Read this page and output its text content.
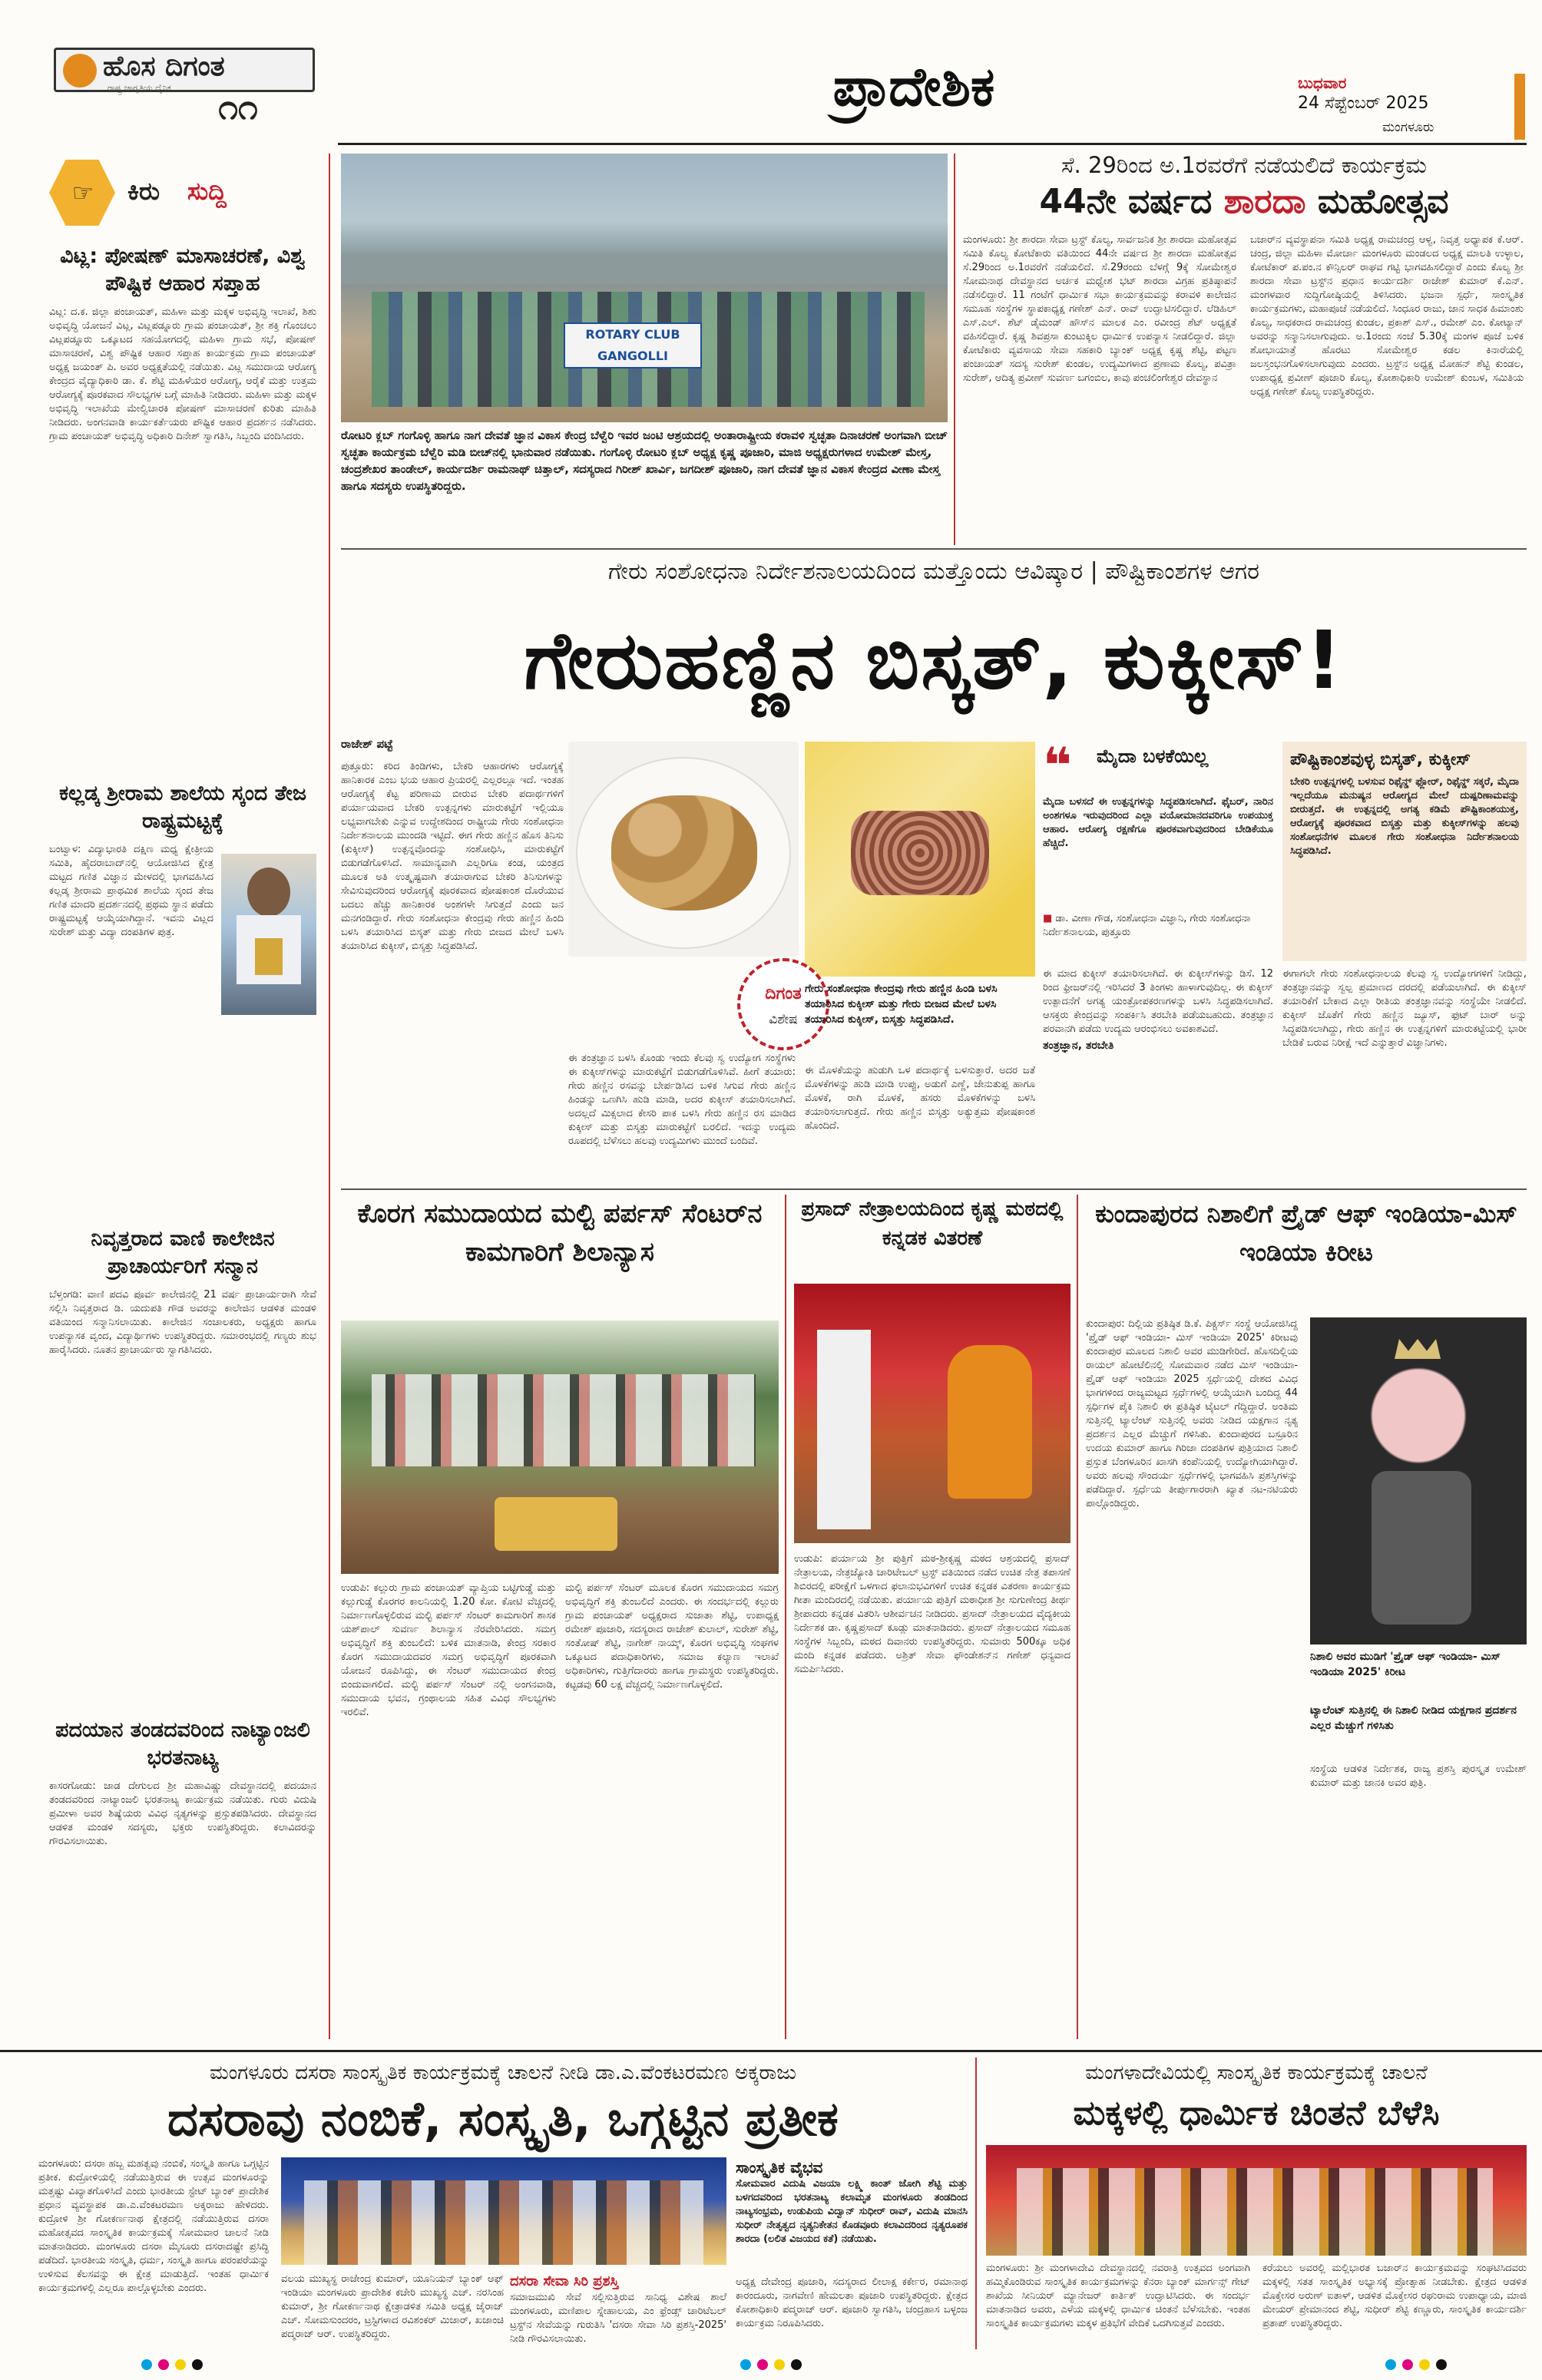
ಹೊಸ ದಿಗಂತ
ರಾಷ್ಟ್ರ ಜಾಗೃತಿಯ ದೈನಿಕ	೧೧	ಪ್ರಾದೇಶಿಕ	ಬುಧವಾರ
24 ಸೆಪ್ಟೆಂಬರ್ 2025
ಮಂಗಳೂರು
☞ ಕಿರು	ಸುದ್ದಿ
ವಿಟ್ಲ: ಪೋಷಣ್ ಮಾಸಾಚರಣೆ, ವಿಶ್ವ ಪೌಷ್ಟಿಕ ಆಹಾರ ಸಪ್ತಾಹ

ವಿಟ್ಲ: ದ.ಕ. ಜಿಲ್ಲಾ ಪಂಚಾಯತ್, ಮಹಿಳಾ ಮತ್ತು ಮಕ್ಕಳ ಅಭಿವೃದ್ಧಿ ಇಲಾಖೆ, ಶಿಶು ಅಭಿವೃದ್ಧಿ ಯೋಜನೆ ವಿಟ್ಲ, ವಿಟ್ಲಪಡ್ನೂರು ಗ್ರಾಮ ಪಂಚಾಯತ್, ಶ್ರೀ ಶಕ್ತಿ ಗೊಂಚಲು ವಿಟ್ಲಪಡ್ನೂರು ಒಕ್ಕೂಟದ ಸಹಯೋಗದಲ್ಲಿ ಮಹಿಳಾ ಗ್ರಾಮ ಸಭೆ, ಪೋಷಣ್ ಮಾಸಾಚರಣೆ, ವಿಶ್ವ ಪೌಷ್ಟಿಕ ಆಹಾರ ಸಪ್ತಾಹ ಕಾರ್ಯಕ್ರಮ ಗ್ರಾಮ ಪಂಚಾಯತ್ ಅಧ್ಯಕ್ಷ ಜಯಂತ್ ಪಿ. ಅವರ ಅಧ್ಯಕ್ಷತೆಯಲ್ಲಿ ನಡೆಯಿತು. ವಿಟ್ಲ ಸಮುದಾಯ ಆರೋಗ್ಯ ಕೇಂದ್ರದ ವೈದ್ಯಾಧಿಕಾರಿ ಡಾ. ಕೆ. ಶೆಟ್ಟಿ ಮಹಿಳೆಯರ ಆರೋಗ್ಯ, ಆರೈಕೆ ಮತ್ತು ಉತ್ತಮ ಆರೋಗ್ಯಕ್ಕೆ ಪೂರಕವಾದ ಸೌಲಭ್ಯಗಳ ಬಗ್ಗೆ ಮಾಹಿತಿ ನೀಡಿದರು. ಮಹಿಳಾ ಮತ್ತು ಮಕ್ಕಳ ಅಭಿವೃದ್ಧಿ ಇಲಾಖೆಯ ಮೇಲ್ವಿಚಾರಕಿ ಪೋಷಣ್ ಮಾಸಾಚರಣೆ ಕುರಿತು ಮಾಹಿತಿ ನೀಡಿದರು. ಅಂಗನವಾಡಿ ಕಾರ್ಯಕರ್ತೆಯರು ಪೌಷ್ಟಿಕ ಆಹಾರ ಪ್ರದರ್ಶನ ನಡೆಸಿದರು. ಗ್ರಾಮ ಪಂಚಾಯತ್ ಅಭಿವೃದ್ಧಿ ಅಧಿಕಾರಿ ದಿನೇಶ್ ಸ್ವಾಗತಿಸಿ, ಸಿಬ್ಬಂದಿ ವಂದಿಸಿದರು.

ಕಲ್ಲಡ್ಕ ಶ್ರೀರಾಮ ಶಾಲೆಯ ಸ್ಕಂದ ತೇಜ ರಾಷ್ಟ್ರಮಟ್ಟಕ್ಕೆ

ಬಂಟ್ವಾಳ: ವಿದ್ಯಾಭಾರತಿ ದಕ್ಷಿಣ ಮಧ್ಯ ಕ್ಷೇತ್ರೀಯ ಸಮಿತಿ, ಹೈದರಾಬಾದ್‌ನಲ್ಲಿ ಆಯೋಜಿಸಿದ ಕ್ಷೇತ್ರ ಮಟ್ಟದ ಗಣಿತ ವಿಜ್ಞಾನ ಮೇಳದಲ್ಲಿ ಭಾಗವಹಿಸಿದ ಕಲ್ಲಡ್ಕ ಶ್ರೀರಾಮ ಪ್ರಾಥಮಿಕ ಶಾಲೆಯ ಸ್ಕಂದ ತೇಜ ಗಣಿತ ಮಾದರಿ ಪ್ರದರ್ಶನದಲ್ಲಿ ಪ್ರಥಮ ಸ್ಥಾನ ಪಡೆದು ರಾಷ್ಟ್ರಮಟ್ಟಕ್ಕೆ ಆಯ್ಕೆಯಾಗಿದ್ದಾನೆ. ಇವನು ವಿಟ್ಲದ ಸುರೇಶ್ ಮತ್ತು ವಿದ್ಯಾ ದಂಪತಿಗಳ ಪುತ್ರ.

ನಿವೃತ್ತರಾದ ವಾಣಿ ಕಾಲೇಜಿನ ಪ್ರಾಚಾರ್ಯರಿಗೆ ಸನ್ಮಾನ

ಬೆಳ್ತಂಗಡಿ: ವಾಣಿ ಪದವಿ ಪೂರ್ವ ಕಾಲೇಜಿನಲ್ಲಿ 21 ವರ್ಷ ಪ್ರಾಚಾರ್ಯರಾಗಿ ಸೇವೆ ಸಲ್ಲಿಸಿ ನಿವೃತ್ತರಾದ ಡಿ. ಯದುಪತಿ ಗೌಡ ಅವರನ್ನು ಕಾಲೇಜಿನ ಆಡಳಿತ ಮಂಡಳಿ ವತಿಯಿಂದ ಸನ್ಮಾನಿಸಲಾಯಿತು. ಕಾಲೇಜಿನ ಸಂಚಾಲಕರು, ಅಧ್ಯಕ್ಷರು ಹಾಗೂ ಉಪನ್ಯಾಸಕ ವೃಂದ, ವಿದ್ಯಾರ್ಥಿಗಳು ಉಪಸ್ಥಿತರಿದ್ದರು. ಸಮಾರಂಭದಲ್ಲಿ ಗಣ್ಯರು ಶುಭ ಹಾರೈಸಿದರು. ನೂತನ ಪ್ರಾಚಾರ್ಯರು ಸ್ವಾಗತಿಸಿದರು.

ಪದಯಾನ ತಂಡದವರಿಂದ ನಾಟ್ಯಾಂಜಲಿ ಭರತನಾಟ್ಯ

ಕಾಸರಗೋಡು: ಜಾಡ ದೇಗುಲದ ಶ್ರೀ ಮಹಾವಿಷ್ಣು ದೇವಸ್ಥಾನದಲ್ಲಿ ಪದಯಾನ ತಂಡದವರಿಂದ ನಾಟ್ಯಾಂಜಲಿ ಭರತನಾಟ್ಯ ಕಾರ್ಯಕ್ರಮ ನಡೆಯಿತು. ಗುರು ವಿದುಷಿ ಪ್ರಮೀಳಾ ಅವರ ಶಿಷ್ಯೆಯರು ವಿವಿಧ ನೃತ್ಯಗಳನ್ನು ಪ್ರಸ್ತುತಪಡಿಸಿದರು. ದೇವಸ್ಥಾನದ ಆಡಳಿತ ಮಂಡಳಿ ಸದಸ್ಯರು, ಭಕ್ತರು ಉಪಸ್ಥಿತರಿದ್ದರು. ಕಲಾವಿದರನ್ನು ಗೌರವಿಸಲಾಯಿತು.

ROTARY CLUB GANGOLLI

ರೋಟರಿ ಕ್ಲಬ್ ಗಂಗೊಳ್ಳಿ ಹಾಗೂ ನಾಗ ದೇವತೆ ಜ್ಞಾನ ವಿಕಾಸ ಕೇಂದ್ರ ಬೆಳ್ವೆರಿ ಇವರ ಜಂಟಿ ಆಶ್ರಯದಲ್ಲಿ ಅಂತಾರಾಷ್ಟ್ರೀಯ ಕರಾವಳಿ ಸ್ವಚ್ಛತಾ ದಿನಾಚರಣೆ ಅಂಗವಾಗಿ ಬೀಚ್ ಸ್ವಚ್ಛತಾ ಕಾರ್ಯಕ್ರಮ ಬೆಳ್ವೆರಿ ಮಡಿ ಬೀಚ್‌ನಲ್ಲಿ ಭಾನುವಾರ ನಡೆಯಿತು. ಗಂಗೊಳ್ಳಿ ರೋಟರಿ ಕ್ಲಬ್ ಅಧ್ಯಕ್ಷ ಕೃಷ್ಣ ಪೂಜಾರಿ, ಮಾಜಿ ಅಧ್ಯಕ್ಷರುಗಳಾದ ಉಮೇಶ್ ಮೇಸ್ತ, ಚಂದ್ರಶೇಖರ ತಾಂಡೇಲ್, ಕಾರ್ಯದರ್ಶಿ ರಾಮನಾಥ್ ಚಿತ್ತಾಲ್, ಸದಸ್ಯರಾದ ಗಿರೀಶ್ ಖಾರ್ವಿ, ಜಗದೀಶ್ ಪೂಜಾರಿ, ನಾಗ ದೇವತೆ ಜ್ಞಾನ ವಿಕಾಸ ಕೇಂದ್ರದ ವೀಣಾ ಮೇಸ್ತ ಹಾಗೂ ಸದಸ್ಯರು ಉಪಸ್ಥಿತರಿದ್ದರು.

ಸೆ. 29ರಿಂದ ಅ.1ರವರೆಗೆ ನಡೆಯಲಿದೆ ಕಾರ್ಯಕ್ರಮ
44ನೇ ವರ್ಷದ ಶಾರದಾ ಮಹೋತ್ಸವ

ಮಂಗಳೂರು: ಶ್ರೀ ಶಾರದಾ ಸೇವಾ ಟ್ರಸ್ಟ್ ಕೊಲ್ಯ, ಸಾರ್ವಜನಿಕ ಶ್ರೀ ಶಾರದಾ ಮಹೋತ್ಸವ ಸಮಿತಿ ಕೊಲ್ಯ ಕೋಟೆಕಾರು ವತಿಯಿಂದ 44ನೇ ವರ್ಷದ ಶ್ರೀ ಶಾರದಾ ಮಹೋತ್ಸವ ಸೆ.29ರಿಂದ ಅ.1ರವರೆಗೆ ನಡೆಯಲಿದೆ. ಸೆ.29ರಂದು ಬೆಳಗ್ಗೆ 9ಕ್ಕೆ ಸೋಮೇಶ್ವರ ಸೋಮನಾಥ ದೇವಸ್ಥಾನದ ಅರ್ಚಕ ಮಧ್ವೇಶ ಭಟ್ ಶಾರದಾ ವಿಗ್ರಹ ಪ್ರತಿಷ್ಠಾಪನೆ ನಡೆಸಲಿದ್ದಾರೆ. 11 ಗಂಟೆಗೆ ಧಾರ್ಮಿಕ ಸಭಾ ಕಾರ್ಯಕ್ರಮವನ್ನು ಕರಾವಳಿ ಕಾಲೇಜಿನ ಸಮೂಹ ಸಂಸ್ಥೆಗಳ ಸ್ಥಾಪಕಾಧ್ಯಕ್ಷ ಗಣೇಶ್ ಎನ್. ರಾವ್ ಉದ್ಘಾಟಿಸಲಿದ್ದಾರೆ. ಲೆಡಿಹಿಲ್ ಎಸ್.ಎಲ್. ಶೆಟ್ ಡೈಮಂಡ್ ಹೌಸ್‌ನ ಮಾಲಕ ಎಂ. ರವೀಂದ್ರ ಶೆಟ್ ಅಧ್ಯಕ್ಷತೆ ವಹಿಸಲಿದ್ದಾರೆ. ಕೃಷ್ಣ ಶಿವಪ್ರಸಾ ಕುಂಟುಕ್ಕಿಲ ಧಾರ್ಮಿಕ ಉಪನ್ಯಾಸ ನೀಡಲಿದ್ದಾರೆ. ಜಿಲ್ಲಾ ಕೋಟೆಕಾರು ವ್ಯವಸಾಯ ಸೇವಾ ಸಹಕಾರಿ ಬ್ಯಾಂಕ್ ಅಧ್ಯಕ್ಷ ಕೃಷ್ಣ ಶೆಟ್ಟಿ, ಪಟ್ಟಣ ಪಂಚಾಯತ್ ಸದಸ್ಯ ಸುರೇಶ್ ಕುಂಡಲ, ಉದ್ಯಮಿಗಳಾದ ಪ್ರಣಾಮ ಕೊಲ್ಯ, ಪವಿತ್ರಾ ಸುರೇಶ್, ಆದಿತ್ಯ ಪ್ರವೀಣ್ ಸುವರ್ಣ ಬಗಂಬಿಲ, ಕಾವು ಪಂಚಲಿಂಗೇಶ್ವರ ದೇವಸ್ಥಾನ

ಬಜಾರ್‌ನ ವ್ಯವಸ್ಥಾಪನಾ ಸಮಿತಿ ಅಧ್ಯಕ್ಷ ರಾಮಚಂದ್ರ ಆಳ್ವ, ನಿವೃತ್ತ ಅಧ್ಯಾಪಕ ಕೆ.ಆರ್. ಚಂದ್ರ, ಜಿಲ್ಲಾ ಮಹಿಳಾ ಮೋರ್ಚಾ ಮಂಗಳೂರು ಮಂಡಲದ ಅಧ್ಯಕ್ಷ ಮಾಲತಿ ಉಳ್ಳಾಲ, ಕೋಟೆಕಾರ್ ಪ.ಪಂ.ನ ಕೌನ್ಸಿಲರ್ ರಾಘವ ಗಟ್ಟಿ ಭಾಗವಹಿಸಲಿದ್ದಾರೆ ಎಂದು ಕೊಲ್ಯ ಶ್ರೀ ಶಾರದಾ ಸೇವಾ ಟ್ರಸ್ಟ್‌ನ ಪ್ರಧಾನ ಕಾರ್ಯದರ್ಶಿ ರಾಜೇಶ್ ಕುಮಾರ್ ಕೆ.ಎನ್. ಮಂಗಳವಾರ ಸುದ್ದಿಗೋಷ್ಠಿಯಲ್ಲಿ ತಿಳಿಸಿದರು. ಭಜನಾ ಸ್ಪರ್ಧೆ, ಸಾಂಸ್ಕೃತಿಕ ಕಾರ್ಯಕ್ರಮಗಳು, ಮಹಾಪೂಜೆ ನಡೆಯಲಿದೆ. ಸಿಂಧೂರ ರಾಜು, ಜಾನ ಸಾಧಕ ಹಿಮಾಂಶು ಕೊಲ್ಯ, ಸಾಧಕರಾದ ರಾಮಚಂದ್ರ ಕುಂಡಲ, ಪ್ರಕಾಶ್ ಎಸ್., ರಮೇಶ್ ಎಂ. ಕೋಟ್ಯಾನ್ ಅವರನ್ನು ಸನ್ಮಾನಿಸಲಾಗುವುದು. ಅ.1ರಂದು ಸಂಜೆ 5.30ಕ್ಕೆ ಮಂಗಳ ಪೂಜೆ ಬಳಿಕ ಶೋಭಾಯಾತ್ರೆ ಹೊರಟು ಸೋಮೇಶ್ವರ ಕಡಲ ಕಿನಾರೆಯಲ್ಲಿ ಜಲಸ್ತಂಭನಗೊಳಿಸಲಾಗುವುದು ಎಂದರು. ಟ್ರಸ್ಟ್‌ನ ಅಧ್ಯಕ್ಷ ಮೋಹನ್ ಶೆಟ್ಟಿ ಕುಂಡಲ, ಉಪಾಧ್ಯಕ್ಷ ಪ್ರವೀಣ್ ಪೂಜಾರಿ ಕೊಲ್ಯ, ಕೋಶಾಧಿಕಾರಿ ಉಮೇಶ್ ಕುಂಬಳ, ಸಮಿತಿಯ ಅಧ್ಯಕ್ಷ ಗಣೇಶ್ ಕೊಲ್ಯ ಉಪಸ್ಥಿತರಿದ್ದರು.

ಗೇರು ಸಂಶೋಧನಾ ನಿರ್ದೇಶನಾಲಯದಿಂದ ಮತ್ತೊಂದು ಆವಿಷ್ಕಾರ | ಪೌಷ್ಟಿಕಾಂಶಗಳ ಆಗರ
ಗೇರುಹಣ್ಣಿನ ಬಿಸ್ಕತ್, ಕುಕ್ಕೀಸ್!
ರಾಜೇಶ್ ಪಟ್ಟೆ
ದಿಗಂತ
ವಿಶೇಷ

ಪುತ್ತೂರು: ಕರಿದ ತಿಂಡಿಗಳು, ಬೇಕರಿ ಆಹಾರಗಳು ಆರೋಗ್ಯಕ್ಕೆ ಹಾನಿಕಾರಕ ಎಂಬ ಭಯ ಆಹಾರ ಪ್ರಿಯರಲ್ಲಿ ಎಲ್ಲರಲ್ಲೂ ಇದೆ. ಇಂತಹ ಆರೋಗ್ಯಕ್ಕೆ ಕೆಟ್ಟ ಪರಿಣಾಮ ಬೀರುವ ಬೇಕರಿ ಪದಾರ್ಥಗಳಿಗೆ ಪರ್ಯಾಯವಾದ ಬೇಕರಿ ಉತ್ಪನ್ನಗಳು ಮಾರುಕಟ್ಟೆಗೆ ಇಲ್ಲಿಯೂ ಲಭ್ಯವಾಗಬೇಕು ಎನ್ನುವ ಉದ್ದೇಶದಿಂದ ರಾಷ್ಟ್ರೀಯ ಗೇರು ಸಂಶೋಧನಾ ನಿರ್ದೇಶನಾಲಯ ಮುಂದಡಿ ಇಟ್ಟಿದೆ. ಈಗ ಗೇರು ಹಣ್ಣಿನ ಹೊಸ ತಿನಿಸು (ಕುಕ್ಕೀಸ್) ಉತ್ಪನ್ನವೊಂದನ್ನು ಸಂಶೋಧಿಸಿ, ಮಾರುಕಟ್ಟೆಗೆ ಬಿಡುಗಡೆಗೊಳಿಸಿದೆ. ಸಾಮಾನ್ಯವಾಗಿ ಎಲ್ಲರಿಗೂ ಕಂಡ, ಯಂತ್ರದ ಮೂಲಕ ಅತಿ ಉತ್ಕೃಷ್ಟವಾಗಿ ತಯಾರಾಗುವ ಬೇಕರಿ ತಿನಿಸುಗಳನ್ನು ಸೇವಿಸುವುದರಿಂದ ಆರೋಗ್ಯಕ್ಕೆ ಪೂರಕವಾದ ಪೋಷಕಾಂಶ ದೊರೆಯುವ ಬದಲು ಹೆಚ್ಚು ಹಾನಿಕಾರಕ ಅಂಶಗಳೇ ಸಿಗುತ್ತದೆ ಎಂದು ಜನ ಮನಗಂಡಿದ್ದಾರೆ. ಗೇರು ಸಂಶೋಧನಾ ಕೇಂದ್ರವು ಗೇರು ಹಣ್ಣಿನ ಹಿಂದಿ ಬಳಸಿ ತಯಾರಿಸಿದ ಬಿಸ್ಕತ್ ಮತ್ತು ಗೇರು ಬೀಜದ ಮೇಲೆ ಬಳಸಿ ತಯಾರಿಸಿದ ಕುಕ್ಕೀಸ್, ಬಿಸ್ಕತ್ತು ಸಿದ್ಧಪಡಿಸಿದೆ.

ಈ ತಂತ್ರಜ್ಞಾನ ಬಳಸಿ ಕೊಂಡು ಇಂದು ಕೆಲವು ಸ್ವ ಉದ್ಯೋಗ ಸಂಸ್ಥೆಗಳು ಈ ಕುಕ್ಕೀಸ್‌ಗಳನ್ನು ಮಾರುಕಟ್ಟೆಗೆ ಬಿಡುಗಡೆಗೊಳಿಸಿವೆ. ಹೀಗೆ ತಯಾರು: ಗೇರು ಹಣ್ಣಿನ ರಸವನ್ನು ಬೇರ್ಪಡಿಸಿದ ಬಳಿಕ ಸಿಗುವ ಗೇರು ಹಣ್ಣಿನ ಹಿಂಡನ್ನು ಒಣಗಿಸಿ ಹುಡಿ ಮಾಡಿ, ಅದರ ಕುಕ್ಕೀಸ್ ತಯಾರಿಸಲಾಗಿದೆ. ಅದಲ್ಲದೆ ಮಿಕ್ಸಲಾದ ಕೇಸರಿ ಪಾಕ ಬಳಸಿ ಗೇರು ಹಣ್ಣಿನ ರಸ ಮಾಡಿದ ಕುಕ್ಕೀಸ್ ಮತ್ತು ಬಿಸ್ಕತ್ತು ಮಾರುಕಟ್ಟೆಗೆ ಬರಲಿದೆ. ಇದನ್ನು ಉದ್ಯಮ ರೂಪದಲ್ಲಿ ಬೆಳೆಸಲು ಹಲವು ಉದ್ಯಮಿಗಳು ಮುಂದೆ ಬಂದಿವೆ.

ಗೇರು ಸಂಶೋಧನಾ ಕೇಂದ್ರವು ಗೇರು ಹಣ್ಣಿನ ಹಿಂಡಿ ಬಳಸಿ ತಯಾರಿಸಿದ ಕುಕ್ಕೀಸ್ ಮತ್ತು ಗೇರು ಬೀಜದ ಮೇಲೆ ಬಳಸಿ ತಯಾರಿಸಿದ ಕುಕ್ಕೀಸ್, ಬಿಸ್ಕತ್ತು ಸಿದ್ಧಪಡಿಸಿದೆ.

ಈ ಮೊಳಕೆಯನ್ನು ಹುಡುಗಿ ಒಳ ಪದಾರ್ಥಕ್ಕೆ ಬಳಸುತ್ತಾರೆ. ಅದರ ಜತೆ ಮೊಳಕೆಗಳನ್ನು ಹುಡಿ ಮಾಡಿ ಉಪ್ಪು, ಅಡುಗೆ ಎಣ್ಣೆ, ಜೇನುತುಪ್ಪ ಹಾಗೂ ಮೊಳಕೆ, ರಾಗಿ ಮೊಳಕೆ, ಹಸರು ಮೊಳಕೆಗಳನ್ನು ಬಳಸಿ ತಯಾರಿಸಲಾಗುತ್ತದೆ. ಗೇರು ಹಣ್ಣಿನ ಬಿಸ್ಕತ್ತು ಅತ್ಯುತ್ತಮ ಪೋಷಕಾಂಶ ಹೊಂದಿದೆ.

❝	ಮೈದಾ ಬಳಕೆಯಿಲ್ಲ

ಮೈದಾ ಬಳಸದೆ ಈ ಉತ್ಪನ್ನಗಳನ್ನು ಸಿದ್ಧಪಡಿಸಲಾಗಿದೆ. ಫೈಬರ್, ನಾರಿನ ಅಂಶಗಳೂ ಇರುವುದರಿಂದ ಎಲ್ಲಾ ವಯೋಮಾನದವರಿಗೂ ಉಪಯುಕ್ತ ಆಹಾರ. ಆರೋಗ್ಯ ರಕ್ಷಣೆಗೂ ಪೂರಕವಾಗುವುದರಿಂದ ಬೇಡಿಕೆಯೂ ಹೆಚ್ಚಿದೆ.

■ ಡಾ. ವೀಣಾ ಗೌಡ, ಸಂಶೋಧನಾ ವಿಜ್ಞಾನಿ, ಗೇರು ಸಂಶೋಧನಾ ನಿರ್ದೇಶನಾಲಯ, ಪುತ್ತೂರು
ಪೌಷ್ಟಿಕಾಂಶವುಳ್ಳ ಬಿಸ್ಕತ್, ಕುಕ್ಕೀಸ್

ಬೇಕರಿ ಉತ್ಪನ್ನಗಳಲ್ಲಿ ಬಳಸುವ ರಿಫೈನ್ಡ್ ಫ್ಲೋರ್, ರಿಫೈನ್ಡ್ ಸಕ್ಕರೆ, ಮೈದಾ ಇಲ್ಲದೆಯೂ ಮನುಷ್ಯನ ಆರೋಗ್ಯದ ಮೇಲೆ ದುಷ್ಪರಿಣಾಮವನ್ನು ಬೀರುತ್ತದೆ. ಈ ಉತ್ಪನ್ನದಲ್ಲಿ ಅಗತ್ಯ ಕಡಿಮೆ ಪೌಷ್ಟಿಕಾಂಶಯುಕ್ತ, ಆರೋಗ್ಯಕ್ಕೆ ಪೂರಕವಾದ ಬಿಸ್ಕತ್ತು ಮತ್ತು ಕುಕ್ಕೀಸ್‌ಗಳನ್ನು ಹಲವು ಸಂಶೋಧನೆಗಳ ಮೂಲಕ ಗೇರು ಸಂಶೋಧನಾ ನಿರ್ದೇಶನಾಲಯ ಸಿದ್ಧಪಡಿಸಿದೆ.

ಈ ಮಾದ ಕುಕ್ಕೀಸ್ ತಯಾರಿಸಲಾಗಿದೆ. ಈ ಕುಕ್ಕೀಸ್‌ಗಳನ್ನು ಡಿಸೆ. 12 ರಿಂದ ಫ್ರೀಜರ್‌ನಲ್ಲಿ ಇರಿಸಿದರೆ 3 ತಿಂಗಳು ಹಾಳಾಗುವುದಿಲ್ಲ. ಈ ಕುಕ್ಕೀಸ್ ಉತ್ಪಾದನೆಗೆ ಅಗತ್ಯ ಯಂತ್ರೋಪಕರಣಗಳನ್ನು ಬಳಸಿ ಸಿದ್ಧಪಡಿಸಲಾಗಿದೆ. ಆಸಕ್ತರು ಕೇಂದ್ರವನ್ನು ಸಂಪರ್ಕಿಸಿ ತರಬೇತಿ ಪಡೆಯಬಹುದು. ತಂತ್ರಜ್ಞಾನ ಪರವಾನಗಿ ಪಡೆದು ಉದ್ಯಮ ಆರಂಭಿಸಲು ಅವಕಾಶವಿದೆ.

ತಂತ್ರಜ್ಞಾನ, ತರಬೇತಿ

ಈಗಾಗಲೇ ಗೇರು ಸಂಶೋಧನಾಲಯ ಕೆಲವು ಸ್ವ ಉದ್ಯೋಗಗಳಿಗೆ ನೀಡಿದ್ದು, ತಂತ್ರಜ್ಞಾನವನ್ನು ಸ್ವಲ್ಪ ಪ್ರಮಾಣದ ದರದಲ್ಲಿ ಪಡೆಯಲಾಗಿದೆ. ಈ ಕುಕ್ಕೀಸ್ ತಯಾರಿಕೆಗೆ ಬೇಕಾದ ಎಲ್ಲಾ ರೀತಿಯ ತಂತ್ರಜ್ಞಾನವನ್ನು ಸಂಸ್ಥೆಯೇ ನೀಡಲಿದೆ. ಕುಕ್ಕೀಸ್ ಜೊತೆಗೆ ಗೇರು ಹಣ್ಣಿನ ಜ್ಯೂಸ್, ಫುಟ್ ಬಾರ್ ಅನ್ನು ಸಿದ್ಧಪಡಿಸಲಾಗಿದ್ದು, ಗೇರು ಹಣ್ಣಿನ ಈ ಉತ್ಪನ್ನಗಳಿಗೆ ಮಾರುಕಟ್ಟೆಯಲ್ಲಿ ಭಾರೀ ಬೇಡಿಕೆ ಬರುವ ನಿರೀಕ್ಷೆ ಇದೆ ಎನ್ನುತ್ತಾರೆ ವಿಜ್ಞಾನಿಗಳು.

ಕೊರಗ ಸಮುದಾಯದ ಮಲ್ಟಿ ಪರ್ಪಸ್ ಸೆಂಟರ್‌ನ ಕಾಮಗಾರಿಗೆ ಶಿಲಾನ್ಯಾಸ

ಉಡುಪಿ: ಕಲ್ಲುರು ಗ್ರಾಮ ಪಂಚಾಯತ್ ವ್ಯಾಪ್ತಿಯ ಬಟ್ಟಿಗುಡ್ಡೆ ಮತ್ತು ಕಲ್ಲುಗುಡ್ಡೆ ಕೊರಗರ ಕಾಲನಿಯಲ್ಲಿ 1.20 ಕೋ. ಕೋಟಿ ವೆಚ್ಚದಲ್ಲಿ ನಿರ್ಮಾಣಗೊಳ್ಳಲಿರುವ ಮಲ್ಟಿ ಪರ್ಪಸ್ ಸೆಂಟರ್ ಕಾಮಗಾರಿಗೆ ಶಾಸಕ ಯಶ್‌ಪಾಲ್ ಸುವರ್ಣ ಶಿಲಾನ್ಯಾಸ ನೆರವೇರಿಸಿದರು. ಸಮಗ್ರ ಅಭಿವೃದ್ಧಿಗೆ ಶಕ್ತಿ ತುಂಬಲಿದೆ: ಬಳಿಕ ಮಾತನಾಡಿ, ಕೇಂದ್ರ ಸರಕಾರ ಕೊರಗ ಸಮುದಾಯದವರ ಸಮಗ್ರ ಅಭಿವೃದ್ಧಿಗೆ ಪೂರಕವಾಗಿ ಯೋಜನೆ ರೂಪಿಸಿದ್ದು, ಈ ಸೆಂಟರ್ ಸಮುದಾಯದ ಕೇಂದ್ರ ಬಿಂದುವಾಗಲಿದೆ. ಮಲ್ಟಿ ಪರ್ಪಸ್ ಸೆಂಟರ್ ನಲ್ಲಿ ಅಂಗನವಾಡಿ, ಸಮುದಾಯ ಭವನ, ಗ್ರಂಥಾಲಯ ಸಹಿತ ವಿವಿಧ ಸೌಲಭ್ಯಗಳು ಇರಲಿವೆ.

ಮಲ್ಟಿ ಪರ್ಪಸ್ ಸೆಂಟರ್ ಮೂಲಕ ಕೊರಗ ಸಮುದಾಯದ ಸಮಗ್ರ ಅಭಿವೃದ್ಧಿಗೆ ಶಕ್ತಿ ತುಂಬಲಿದೆ ಎಂದರು. ಈ ಸಂದರ್ಭದಲ್ಲಿ ಕಲ್ಲುರು ಗ್ರಾಮ ಪಂಚಾಯತ್ ಅಧ್ಯಕ್ಷರಾದ ಸುಜಾತಾ ಶೆಟ್ಟಿ, ಉಪಾಧ್ಯಕ್ಷ ರಮೇಶ್ ಪೂಜಾರಿ, ಸದಸ್ಯರಾದ ರಾಜೇಶ್ ಕುಲಾಲ್, ಸುರೇಶ್ ಶೆಟ್ಟಿ, ಸಂತೋಷ್ ಶೆಟ್ಟಿ, ನಾಗೇಶ್ ನಾಯ್ಕ್, ಕೊರಗ ಅಭಿವೃದ್ಧಿ ಸಂಘಗಳ ಒಕ್ಕೂಟದ ಪದಾಧಿಕಾರಿಗಳು, ಸಮಾಜ ಕಲ್ಯಾಣ ಇಲಾಖೆ ಅಧಿಕಾರಿಗಳು, ಗುತ್ತಿಗೆದಾರರು ಹಾಗೂ ಗ್ರಾಮಸ್ಥರು ಉಪಸ್ಥಿತರಿದ್ದರು. ಕಟ್ಟಡವು 60 ಲಕ್ಷ ವೆಚ್ಚದಲ್ಲಿ ನಿರ್ಮಾಣಗೊಳ್ಳಲಿದೆ.

ಪ್ರಸಾದ್ ನೇತ್ರಾಲಯದಿಂದ ಕೃಷ್ಣ ಮಠದಲ್ಲಿ ಕನ್ನಡಕ ವಿತರಣೆ

ಉಡುಪಿ: ಪರ್ಯಾಯ ಶ್ರೀ ಪುತ್ತಿಗೆ ಮಠ-ಶ್ರೀಕೃಷ್ಣ ಮಠದ ಆಶ್ರಯದಲ್ಲಿ ಪ್ರಸಾದ್ ನೇತ್ರಾಲಯ, ನೇತ್ರಜ್ಯೋತಿ ಚಾರಿಟೇಬಲ್ ಟ್ರಸ್ಟ್ ವತಿಯಿಂದ ನಡೆದ ಉಚಿತ ನೇತ್ರ ತಪಾಸಣೆ ಶಿಬಿರದಲ್ಲಿ ಪರೀಕ್ಷೆಗೆ ಒಳಗಾದ ಫಲಾನುಭವಿಗಳಿಗೆ ಉಚಿತ ಕನ್ನಡಕ ವಿತರಣಾ ಕಾರ್ಯಕ್ರಮ ಗೀತಾ ಮಂದಿರದಲ್ಲಿ ನಡೆಯಿತು. ಪರ್ಯಾಯ ಪುತ್ತಿಗೆ ಮಠಾಧೀಶ ಶ್ರೀ ಸುಗುಣೇಂದ್ರ ತೀರ್ಥ ಶ್ರೀಪಾದರು ಕನ್ನಡಕ ವಿತರಿಸಿ ಆಶೀರ್ವಚನ ನೀಡಿದರು. ಪ್ರಸಾದ್ ನೇತ್ರಾಲಯದ ವೈದ್ಯಕೀಯ ನಿರ್ದೇಶಕ ಡಾ. ಕೃಷ್ಣಪ್ರಸಾದ್ ಕೂಡ್ಲು ಮಾತನಾಡಿದರು. ಪ್ರಸಾದ್ ನೇತ್ರಾಲಯದ ಸಮೂಹ ಸಂಸ್ಥೆಗಳ ಸಿಬ್ಬಂದಿ, ಮಠದ ದಿವಾನರು ಉಪಸ್ಥಿತರಿದ್ದರು. ಸುಮಾರು 500ಕ್ಕೂ ಅಧಿಕ ಮಂದಿ ಕನ್ನಡಕ ಪಡೆದರು. ಅಶ್ರಿತ್ ಸೇವಾ ಫೌಂಡೇಶನ್‌ನ ಗಣೇಶ್ ಧನ್ಯವಾದ ಸಮರ್ಪಿಸಿದರು.

ಕುಂದಾಪುರದ ನಿಶಾಲಿಗೆ ಪ್ರೈಡ್ ಆಫ್ ಇಂಡಿಯಾ-ಮಿಸ್ ಇಂಡಿಯಾ ಕಿರೀಟ

ಕುಂದಾಪುರ: ದಿಲ್ಲಿಯ ಪ್ರತಿಷ್ಠಿತ ಡಿ.ಕೆ. ಪಿಕ್ಚರ್ಸ್ ಸಂಸ್ಥೆ ಆಯೋಜಿಸಿದ್ದ 'ಪ್ರೈಡ್ ಆಫ್ ಇಂಡಿಯಾ- ಮಿಸ್ ಇಂಡಿಯಾ 2025' ಕಿರೀಟವು ಕುಂದಾಪುರ ಮೂಲದ ನಿಶಾಲಿ ಅವರ ಮುಡಿಗೇರಿದೆ. ಹೊಸದಿಲ್ಲಿಯ ರಾಯಲ್ ಹೋಟೆಲಿನಲ್ಲಿ ಸೋಮವಾರ ನಡೆದ ಮಿಸ್ ಇಂಡಿಯಾ-ಪ್ರೈಡ್ ಆಫ್ ಇಂಡಿಯಾ 2025 ಸ್ಪರ್ಧೆಯಲ್ಲಿ ದೇಶದ ವಿವಿಧ ಭಾಗಗಳಿಂದ ರಾಜ್ಯಮಟ್ಟದ ಸ್ಪರ್ಧೆಗಳಲ್ಲಿ ಆಯ್ಕೆಯಾಗಿ ಬಂದಿದ್ದ 44 ಸ್ಪರ್ಧಿಗಳ ಪೈಕಿ ನಿಶಾಲಿ ಈ ಪ್ರತಿಷ್ಠಿತ ಟೈಟಲ್ ಗೆದ್ದಿದ್ದಾರೆ. ಅಂತಿಮ ಸುತ್ತಿನಲ್ಲಿ ಟ್ಯಾಲೆಂಟ್ ಸುತ್ತಿನಲ್ಲಿ ಅವರು ನೀಡಿದ ಯಕ್ಷಗಾನ ನೃತ್ಯ ಪ್ರದರ್ಶನ ಎಲ್ಲರ ಮೆಚ್ಚುಗೆ ಗಳಿಸಿತು. ಕುಂದಾಪುರದ ಬಸ್ರೂರಿನ ಉದಯ ಕುಮಾರ್ ಹಾಗೂ ಗಿರಿಜಾ ದಂಪತಿಗಳ ಪುತ್ರಿಯಾದ ನಿಶಾಲಿ ಪ್ರಸ್ತುತ ಬೆಂಗಳೂರಿನ ಖಾಸಗಿ ಕಂಪೆನಿಯಲ್ಲಿ ಉದ್ಯೋಗಿಯಾಗಿದ್ದಾರೆ. ಅವರು ಹಲವು ಸೌಂದರ್ಯ ಸ್ಪರ್ಧೆಗಳಲ್ಲಿ ಭಾಗವಹಿಸಿ ಪ್ರಶಸ್ತಿಗಳನ್ನು ಪಡೆದಿದ್ದಾರೆ. ಸ್ಪರ್ಧೆಯ ತೀರ್ಪುಗಾರರಾಗಿ ಖ್ಯಾತ ನಟ-ನಟಿಯರು ಪಾಲ್ಗೊಂಡಿದ್ದರು.

ನಿಶಾಲಿ ಅವರ ಮುಡಿಗೆ 'ಪ್ರೈಡ್ ಆಫ್ ಇಂಡಿಯಾ- ಮಿಸ್ ಇಂಡಿಯಾ 2025' ಕಿರೀಟ

ಟ್ಯಾಲೆಂಟ್ ಸುತ್ತಿನಲ್ಲಿ ಈ ನಿಶಾಲಿ ನೀಡಿದ ಯಕ್ಷಗಾನ ಪ್ರದರ್ಶನ ಎಲ್ಲರ ಮೆಚ್ಚುಗೆ ಗಳಿಸಿತು

ಸಂಸ್ಥೆಯ ಆಡಳಿತ ನಿರ್ದೇಶಕ, ರಾಜ್ಯ ಪ್ರಶಸ್ತಿ ಪುರಸ್ಕೃತ ಉಮೇಶ್ ಕುಮಾರ್ ಮತ್ತು ಜಾನಕಿ ಅವರ ಪುತ್ರಿ.

ಮಂಗಳೂರು ದಸರಾ ಸಾಂಸ್ಕೃತಿಕ ಕಾರ್ಯಕ್ರಮಕ್ಕೆ ಚಾಲನೆ ನೀಡಿ ಡಾ.ಎ.ವೆಂಕಟರಮಣ ಅಕ್ಕರಾಜು
ದಸರಾವು ನಂಬಿಕೆ, ಸಂಸ್ಕೃತಿ, ಒಗ್ಗಟ್ಟಿನ ಪ್ರತೀಕ

ಮಂಗಳೂರು: ದಸರಾ ಹಬ್ಬ ಮಹತ್ವವು ನಂಬಿಕೆ, ಸಂಸ್ಕೃತಿ ಹಾಗೂ ಒಗ್ಗಟ್ಟಿನ ಪ್ರತೀಕ. ಕುದ್ರೋಳಿಯಲ್ಲಿ ನಡೆಯುತ್ತಿರುವ ಈ ಉತ್ಸವ ಮಂಗಳೂರನ್ನು ಮತ್ತಷ್ಟು ವಿಖ್ಯಾತಗೊಳಿಸಿದೆ ಎಂದು ಭಾರತೀಯ ಸ್ಟೇಟ್ ಬ್ಯಾಂಕ್ ಪ್ರಾದೇಶಿಕ ಪ್ರಧಾನ ವ್ಯವಸ್ಥಾಪಕ ಡಾ.ಎ.ವೆಂಕಟರಮಣ ಅಕ್ಕರಾಜು ಹೇಳಿದರು. ಕುದ್ರೋಳಿ ಶ್ರೀ ಗೋಕರ್ಣನಾಥ ಕ್ಷೇತ್ರದಲ್ಲಿ ನಡೆಯುತ್ತಿರುವ ದಸರಾ ಮಹೋತ್ಸವದ ಸಾಂಸ್ಕೃತಿಕ ಕಾರ್ಯಕ್ರಮಕ್ಕೆ ಸೋಮವಾರ ಚಾಲನೆ ನೀಡಿ ಮಾತನಾಡಿದರು. ಮಂಗಳೂರು ದಸರಾ ಮೈಸೂರು ದಸರಾದಷ್ಟೇ ಪ್ರಸಿದ್ಧಿ ಪಡೆದಿದೆ. ಭಾರತೀಯ ಸಂಸ್ಕೃತಿ, ಧರ್ಮ, ಸಂಸ್ಕೃತಿ ಹಾಗೂ ಪರಂಪರೆಯನ್ನು ಉಳಿಸುವ ಕೆಲಸವನ್ನು ಈ ಕ್ಷೇತ್ರ ಮಾಡುತ್ತಿದೆ. ಇಂತಹ ಧಾರ್ಮಿಕ ಕಾರ್ಯಕ್ರಮಗಳಲ್ಲಿ ಎಲ್ಲರೂ ಪಾಲ್ಗೊಳ್ಳಬೇಕು ಎಂದರು.

ವಲಯ ಮುಖ್ಯಸ್ಥ ರಾಜೇಂದ್ರ ಕುಮಾರ್, ಯೂನಿಯನ್ ಬ್ಯಾಂಕ್ ಆಫ್ ಇಂಡಿಯಾ ಮಂಗಳೂರು ಪ್ರಾದೇಶಿಕ ಕಚೇರಿ ಮುಖ್ಯಸ್ಥ ಎಚ್. ನರಸಿಂಹ ಕುಮಾರ್, ಶ್ರೀ ಗೋಕರ್ಣನಾಥ ಕ್ಷೇತ್ರಾಡಳಿತ ಸಮಿತಿ ಅಧ್ಯಕ್ಷ ಜೈರಾಜ್ ಎಚ್. ಸೋಮಸುಂದರಂ, ಟ್ರಸ್ಟಿಗಳಾದ ರವಿಶಂಕರ್ ಮಿಜಾರ್, ಖಜಾಂಚಿ ಪದ್ಮರಾಜ್ ಆರ್. ಉಪಸ್ಥಿತರಿದ್ದರು.

ದಸರಾ ಸೇವಾ ಸಿರಿ ಪ್ರಶಸ್ತಿ

ಸಮಾಜಮುಖಿ ಸೇವೆ ಸಲ್ಲಿಸುತ್ತಿರುವ ಸಾನಿಧ್ಯ ವಿಶೇಷ ಶಾಲೆ ಮಂಗಳೂರು, ಮಣಿಪಾಲ ಸ್ನೇಹಾಲಯ, ಎಂ ಫ್ರೆಂಡ್ಸ್ ಚಾರಿಟೆಬಲ್ ಟ್ರಸ್ಟ್‌ನ ಸೇವೆಯನ್ನು ಗುರುತಿಸಿ 'ದಸರಾ ಸೇವಾ ಸಿರಿ ಪ್ರಶಸ್ತಿ-2025' ನೀಡಿ ಗೌರವಿಸಲಾಯಿತು.

ಸಾಂಸ್ಕೃತಿಕ ವೈಭವ

ಸೋಮವಾರ ವಿದುಷಿ ವಿಜಯಾ ಲಕ್ಷ್ಮಿ ಕಾಂತ್ ಜೋಗಿ ಶೆಟ್ಟಿ ಮತ್ತು ಬಳಗದವರಿಂದ ಭರತನಾಟ್ಯ ಕಲಾಮೃತ ಮಂಗಳೂರು ತಂಡದಿಂದ ನಾಟ್ಯಸಂಭ್ರಮ, ಉಡುಪಿಯ ವಿದ್ವಾನ್ ಸುಧೀರ್ ರಾವ್, ವಿದುಷಿ ಮಾನಸಿ ಸುಧೀರ್ ನೇತೃತ್ವದ ನೃತ್ಯನಿಕೇತನ ಕೊಡವೂರು ಕಲಾವಿದರಿಂದ ನೃತ್ಯರೂಪಕ ಶಾರದಾ (ಲಲಿತ ವಿಜಯದ ಕತೆ) ನಡೆಯಿತು.

ಅಧ್ಯಕ್ಷ ದೇವೇಂದ್ರ ಪೂಜಾರಿ, ಸದಸ್ಯರಾದ ಲೀಲಾಕ್ಷ ಕರ್ಕೇರ, ರಮಾನಾಥ ಕಾರಂದೂರು, ನಾಗವೇಣಿ ಹೇಮಲತಾ ಪೂಜಾರಿ ಉಪಸ್ಥಿತರಿದ್ದರು. ಕ್ಷೇತ್ರದ ಕೋಶಾಧಿಕಾರಿ ಪದ್ಮರಾಜ್ ಆರ್. ಪೂಜಾರಿ ಸ್ವಾಗತಿಸಿ, ಚಂದ್ರಹಾಸ ಬಳ್ಳಂಜ ಕಾರ್ಯಕ್ರಮ ನಿರೂಪಿಸಿದರು.

ಮಂಗಳಾದೇವಿಯಲ್ಲಿ ಸಾಂಸ್ಕೃತಿಕ ಕಾರ್ಯಕ್ರಮಕ್ಕೆ ಚಾಲನೆ
ಮಕ್ಕಳಲ್ಲಿ ಧಾರ್ಮಿಕ ಚಿಂತನೆ ಬೆಳೆಸಿ

ಮಂಗಳೂರು: ಶ್ರೀ ಮಂಗಳಾದೇವಿ ದೇವಸ್ಥಾನದಲ್ಲಿ ನವರಾತ್ರಿ ಉತ್ಸವದ ಅಂಗವಾಗಿ ಹಮ್ಮಿಕೊಂಡಿರುವ ಸಾಂಸ್ಕೃತಿಕ ಕಾರ್ಯಕ್ರಮಗಳನ್ನು ಕೆನರಾ ಬ್ಯಾಂಕ್ ಮಾರ್ಗನ್ಸ್ ಗೇಟ್ ಶಾಖೆಯ ಸೀನಿಯರ್ ಮ್ಯಾನೇಜರ್ ಕಾರ್ತಿಕ್ ಉದ್ಘಾಟಿಸಿದರು. ಈ ಸಂದರ್ಭ ಮಾತನಾಡಿದ ಅವರು, ಎಳೆಯ ಮಕ್ಕಳಲ್ಲಿ ಧಾರ್ಮಿಕ ಚಿಂತನೆ ಬೆಳೆಸಬೇಕು. ಇಂತಹ ಸಾಂಸ್ಕೃತಿಕ ಕಾರ್ಯಕ್ರಮಗಳು ಮಕ್ಕಳ ಪ್ರತಿಭೆಗೆ ವೇದಿಕೆ ಒದಗಿಸುತ್ತವೆ ಎಂದರು.

ಕರೆಯಲು ಅವರಲ್ಲಿ ಮಲ್ಲಿಭಾರತ ಬಜಾರ್‌ನ ಕಾರ್ಯಕ್ರಮವನ್ನು ಸಂಘಟಿಸಿದವರು ಮಕ್ಕಳಲ್ಲಿ ಸತತ ಸಾಂಸ್ಕೃತಿಕ ಅಭ್ಯಾಸಕ್ಕೆ ಪ್ರೋತ್ಸಾಹ ನೀಡಬೇಕು. ಕ್ಷೇತ್ರದ ಆಡಳಿತ ಮೊಕ್ತೇಸರ ಅರುಣ್ ಐತಾಳ್, ಆಡಳಿತ ಮೊಕ್ತೇಸರ ರಘುರಾಮ ಉಪಾಧ್ಯಾಯ, ಮಾಜಿ ಮೇಯರ್ ಪ್ರೇಮಾನಂದ ಶೆಟ್ಟಿ, ಸುಧೀರ್ ಶೆಟ್ಟಿ ಕಣ್ಣೂರು, ಸಾಂಸ್ಕೃತಿಕ ಕಾರ್ಯದರ್ಶಿ ಪ್ರತಾಪ್ ಉಪಸ್ಥಿತರಿದ್ದರು.
